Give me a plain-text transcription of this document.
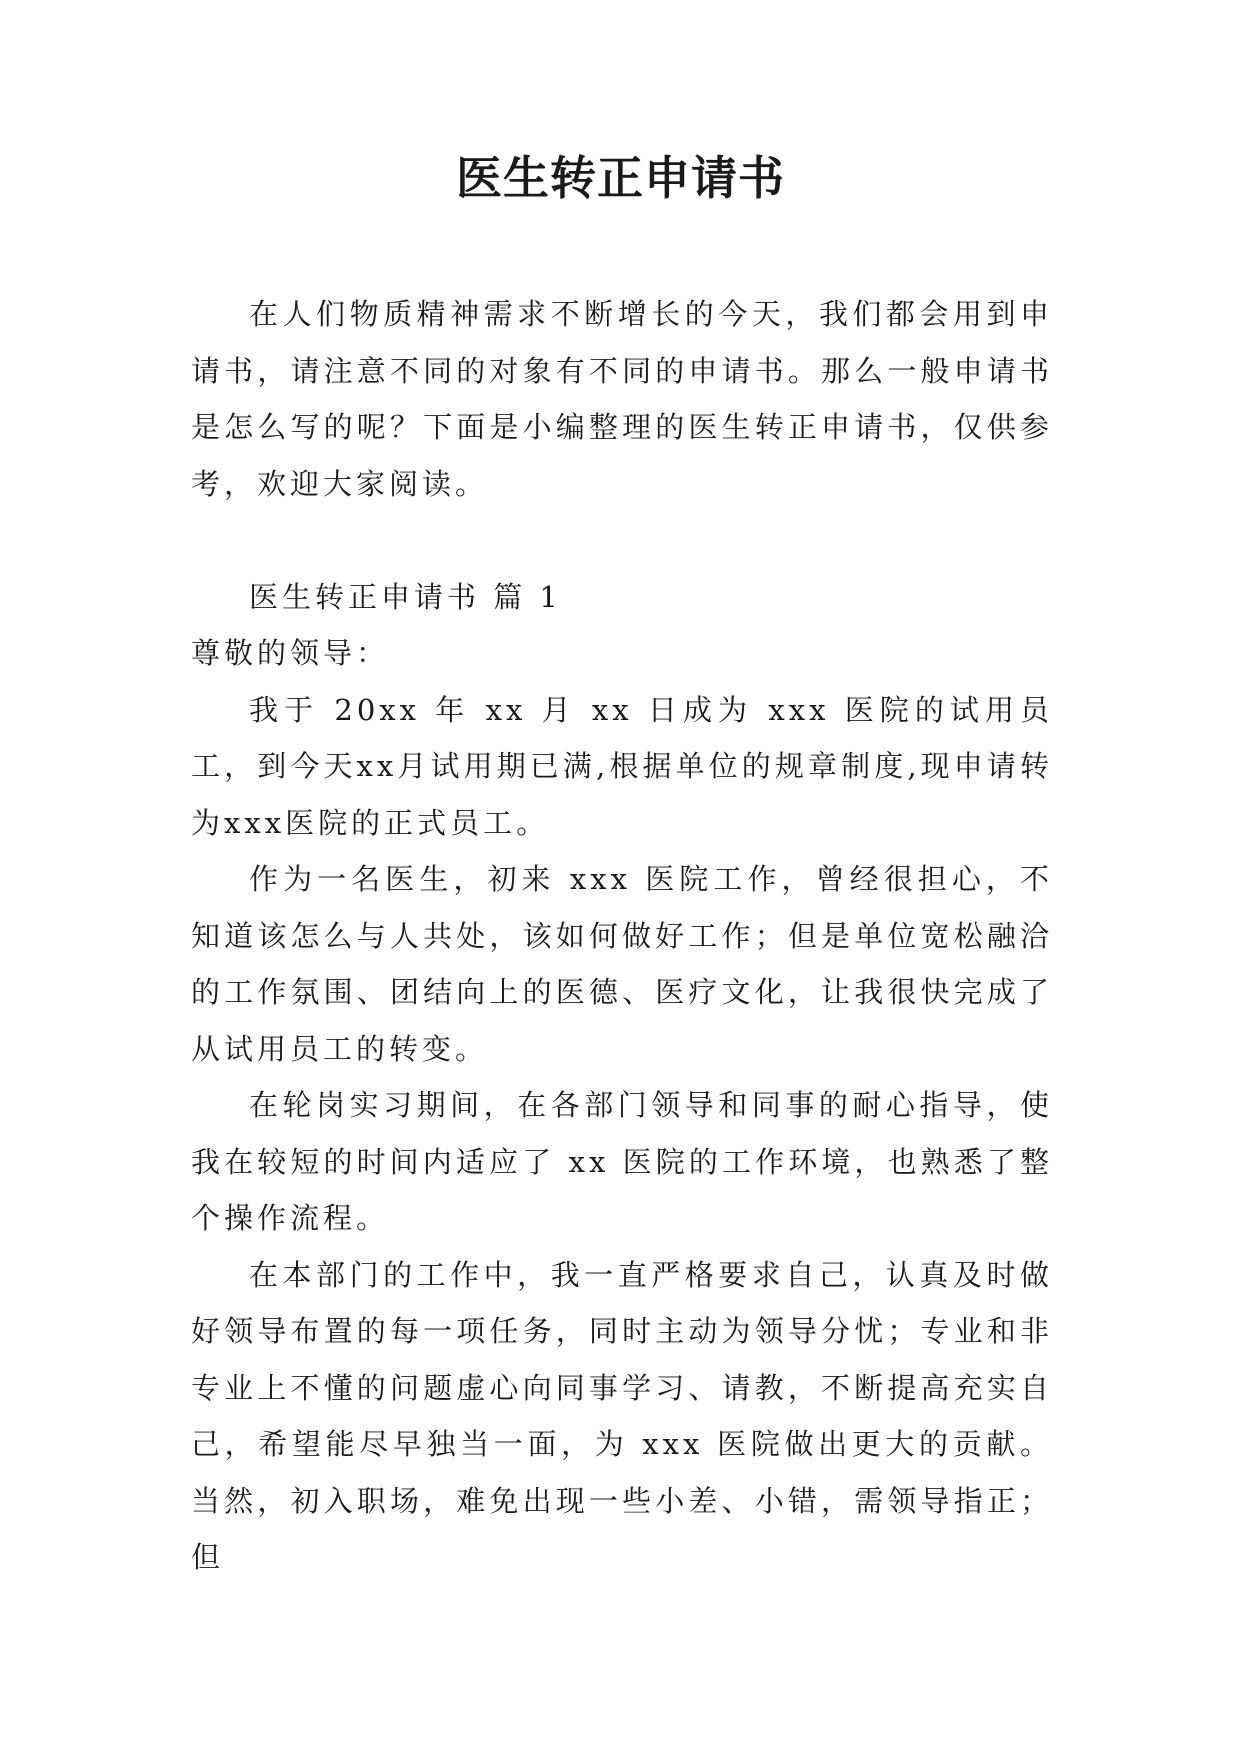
医生转正申请书

在人们物质精神需求不断增长的今天，我们都会用到申请书，请注意不同的对象有不同的申请书。那么一般申请书是怎么写的呢？下面是小编整理的医生转正申请书，仅供参考，欢迎大家阅读。

医生转正申请书 篇 1

尊敬的领导：

我于 20xx 年 xx 月 xx 日成为 xxx 医院的试用员工，到今天xx月试用期已满,根据单位的规章制度,现申请转为xxx医院的正式员工。

作为一名医生，初来 xxx 医院工作，曾经很担心，不知道该怎么与人共处，该如何做好工作；但是单位宽松融洽的工作氛围、团结向上的医德、医疗文化，让我很快完成了从试用员工的转变。

在轮岗实习期间，在各部门领导和同事的耐心指导，使我在较短的时间内适应了 xx 医院的工作环境，也熟悉了整个操作流程。

在本部门的工作中，我一直严格要求自己，认真及时做好领导布置的每一项任务，同时主动为领导分忧；专业和非专业上不懂的问题虚心向同事学习、请教，不断提高充实自己，希望能尽早独当一面，为 xxx 医院做出更大的贡献。当然，初入职场，难免出现一些小差、小错，需领导指正；但
